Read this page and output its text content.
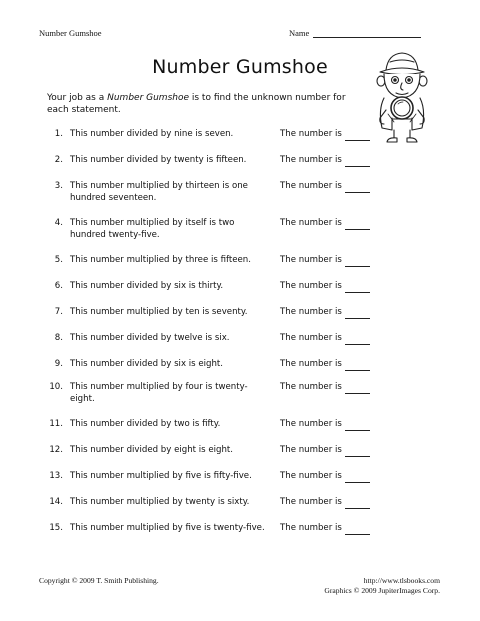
Number Gumshoe	Name
Number Gumshoe
Your job as a Number Gumshoe is to find the unknown number for each statement.
1. This number divided by nine is seven.	The number is
2. This number divided by twenty is fifteen.	The number is
3. This number multiplied by thirteen is one hundred seventeen.
The number is
4. This number multiplied by itself is two hundred twenty-five.
The number is
5. This number multiplied by three is fifteen.	The number is
6. This number divided by six is thirty.	The number is
7. This number multiplied by ten is seventy.	The number is
8. This number divided by twelve is six.	The number is
9. This number divided by six is eight.	The number is
10. This number multiplied by four is twenty-eight.
The number is
11. This number divided by two is fifty.	The number is
12. This number divided by eight is eight.	The number is
13. This number multiplied by five is fifty-five.	The number is
14. This number multiplied by twenty is sixty.	The number is
15. This number multiplied by five is twenty-five.	The number is
Copyright © 2009 T. Smith Publishing.	http://www.tlsbooks.com
Graphics © 2009 JupiterImages Corp.
